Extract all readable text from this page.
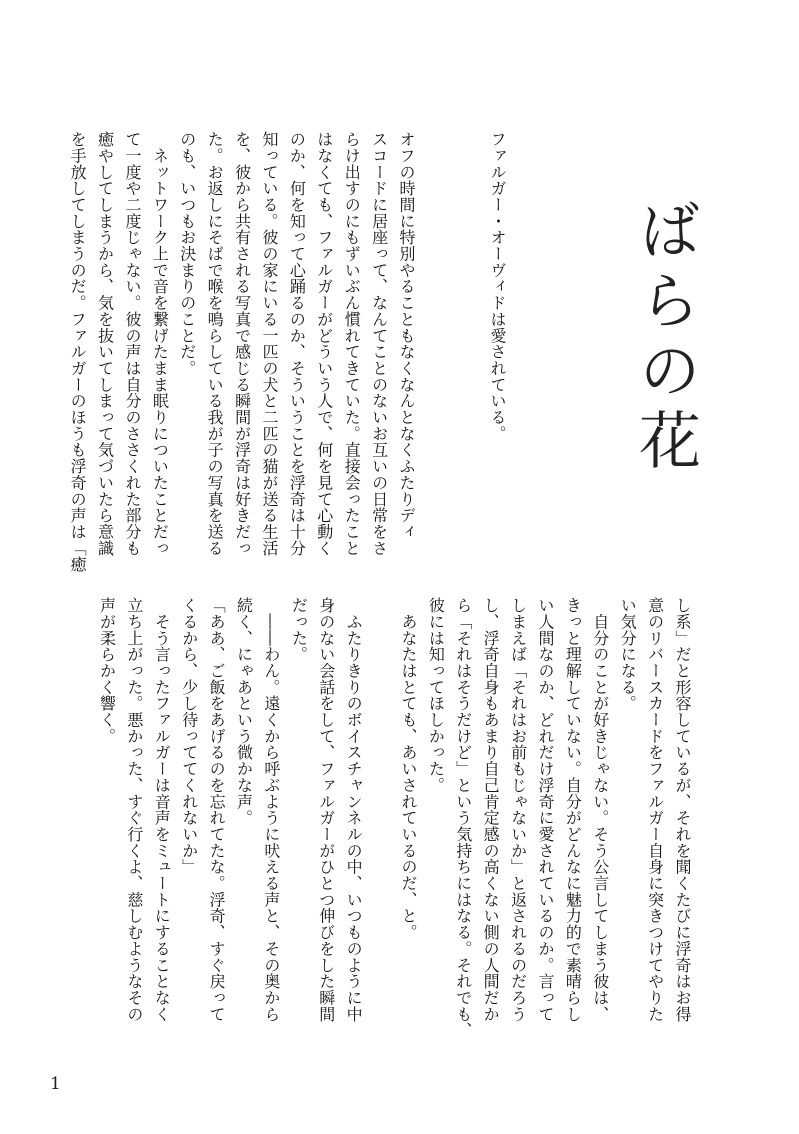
ばらの花

ファルガー・オーヴィドは愛されている。

オフの時間に特別やることもなくなんとなくふたりディ

スコードに居座って、なんてことのないお互いの日常をさ

らけ出すのにもずいぶん慣れてきていた。直接会ったこと

はなくても、ファルガーがどういう人で、何を見て心動く

のか、何を知って心踊るのか、そういうことを浮奇は十分

知っている。彼の家にいる一匹の犬と二匹の猫が送る生活

を、彼から共有される写真で感じる瞬間が浮奇は好きだっ

た。お返しにそばで喉を鳴らしている我が子の写真を送る

のも、いつもお決まりのことだ。

　ネットワーク上で音を繋げたまま眠りについたことだっ

て一度や二度じゃない。彼の声は自分のささくれた部分も

癒やしてしまうから、気を抜いてしまって気づいたら意識

を手放してしまうのだ。ファルガーのほうも浮奇の声は「癒

し系」だと形容しているが、それを聞くたびに浮奇はお得

意のリバースカードをファルガー自身に突きつけてやりた

い気分になる。

　自分のことが好きじゃない。そう公言してしまう彼は、

きっと理解していない。自分がどんなに魅力的で素晴らし

い人間なのか、どれだけ浮奇に愛されているのか。言って

しまえば「それはお前もじゃないか」と返されるのだろう

し、浮奇自身もあまり自己肯定感の高くない側の人間だか

ら「それはそうだけど」という気持ちにはなる。それでも、

彼には知ってほしかった。

　あなたはとても、あいされているのだ、と。

　ふたりきりのボイスチャンネルの中、いつものように中

身のない会話をして、ファルガーがひとつ伸びをした瞬間

だった。

　――わん。遠くから呼ぶように吠える声と、その奥から

続く、にゃあという微かな声。

「ああ、ご飯をあげるのを忘れてたな。浮奇、すぐ戻って

くるから、少し待っててくれないか」

　そう言ったファルガーは音声をミュートにすることなく

立ち上がった。悪かった、すぐ行くよ、慈しむようなその

声が柔らかく響く。

1
